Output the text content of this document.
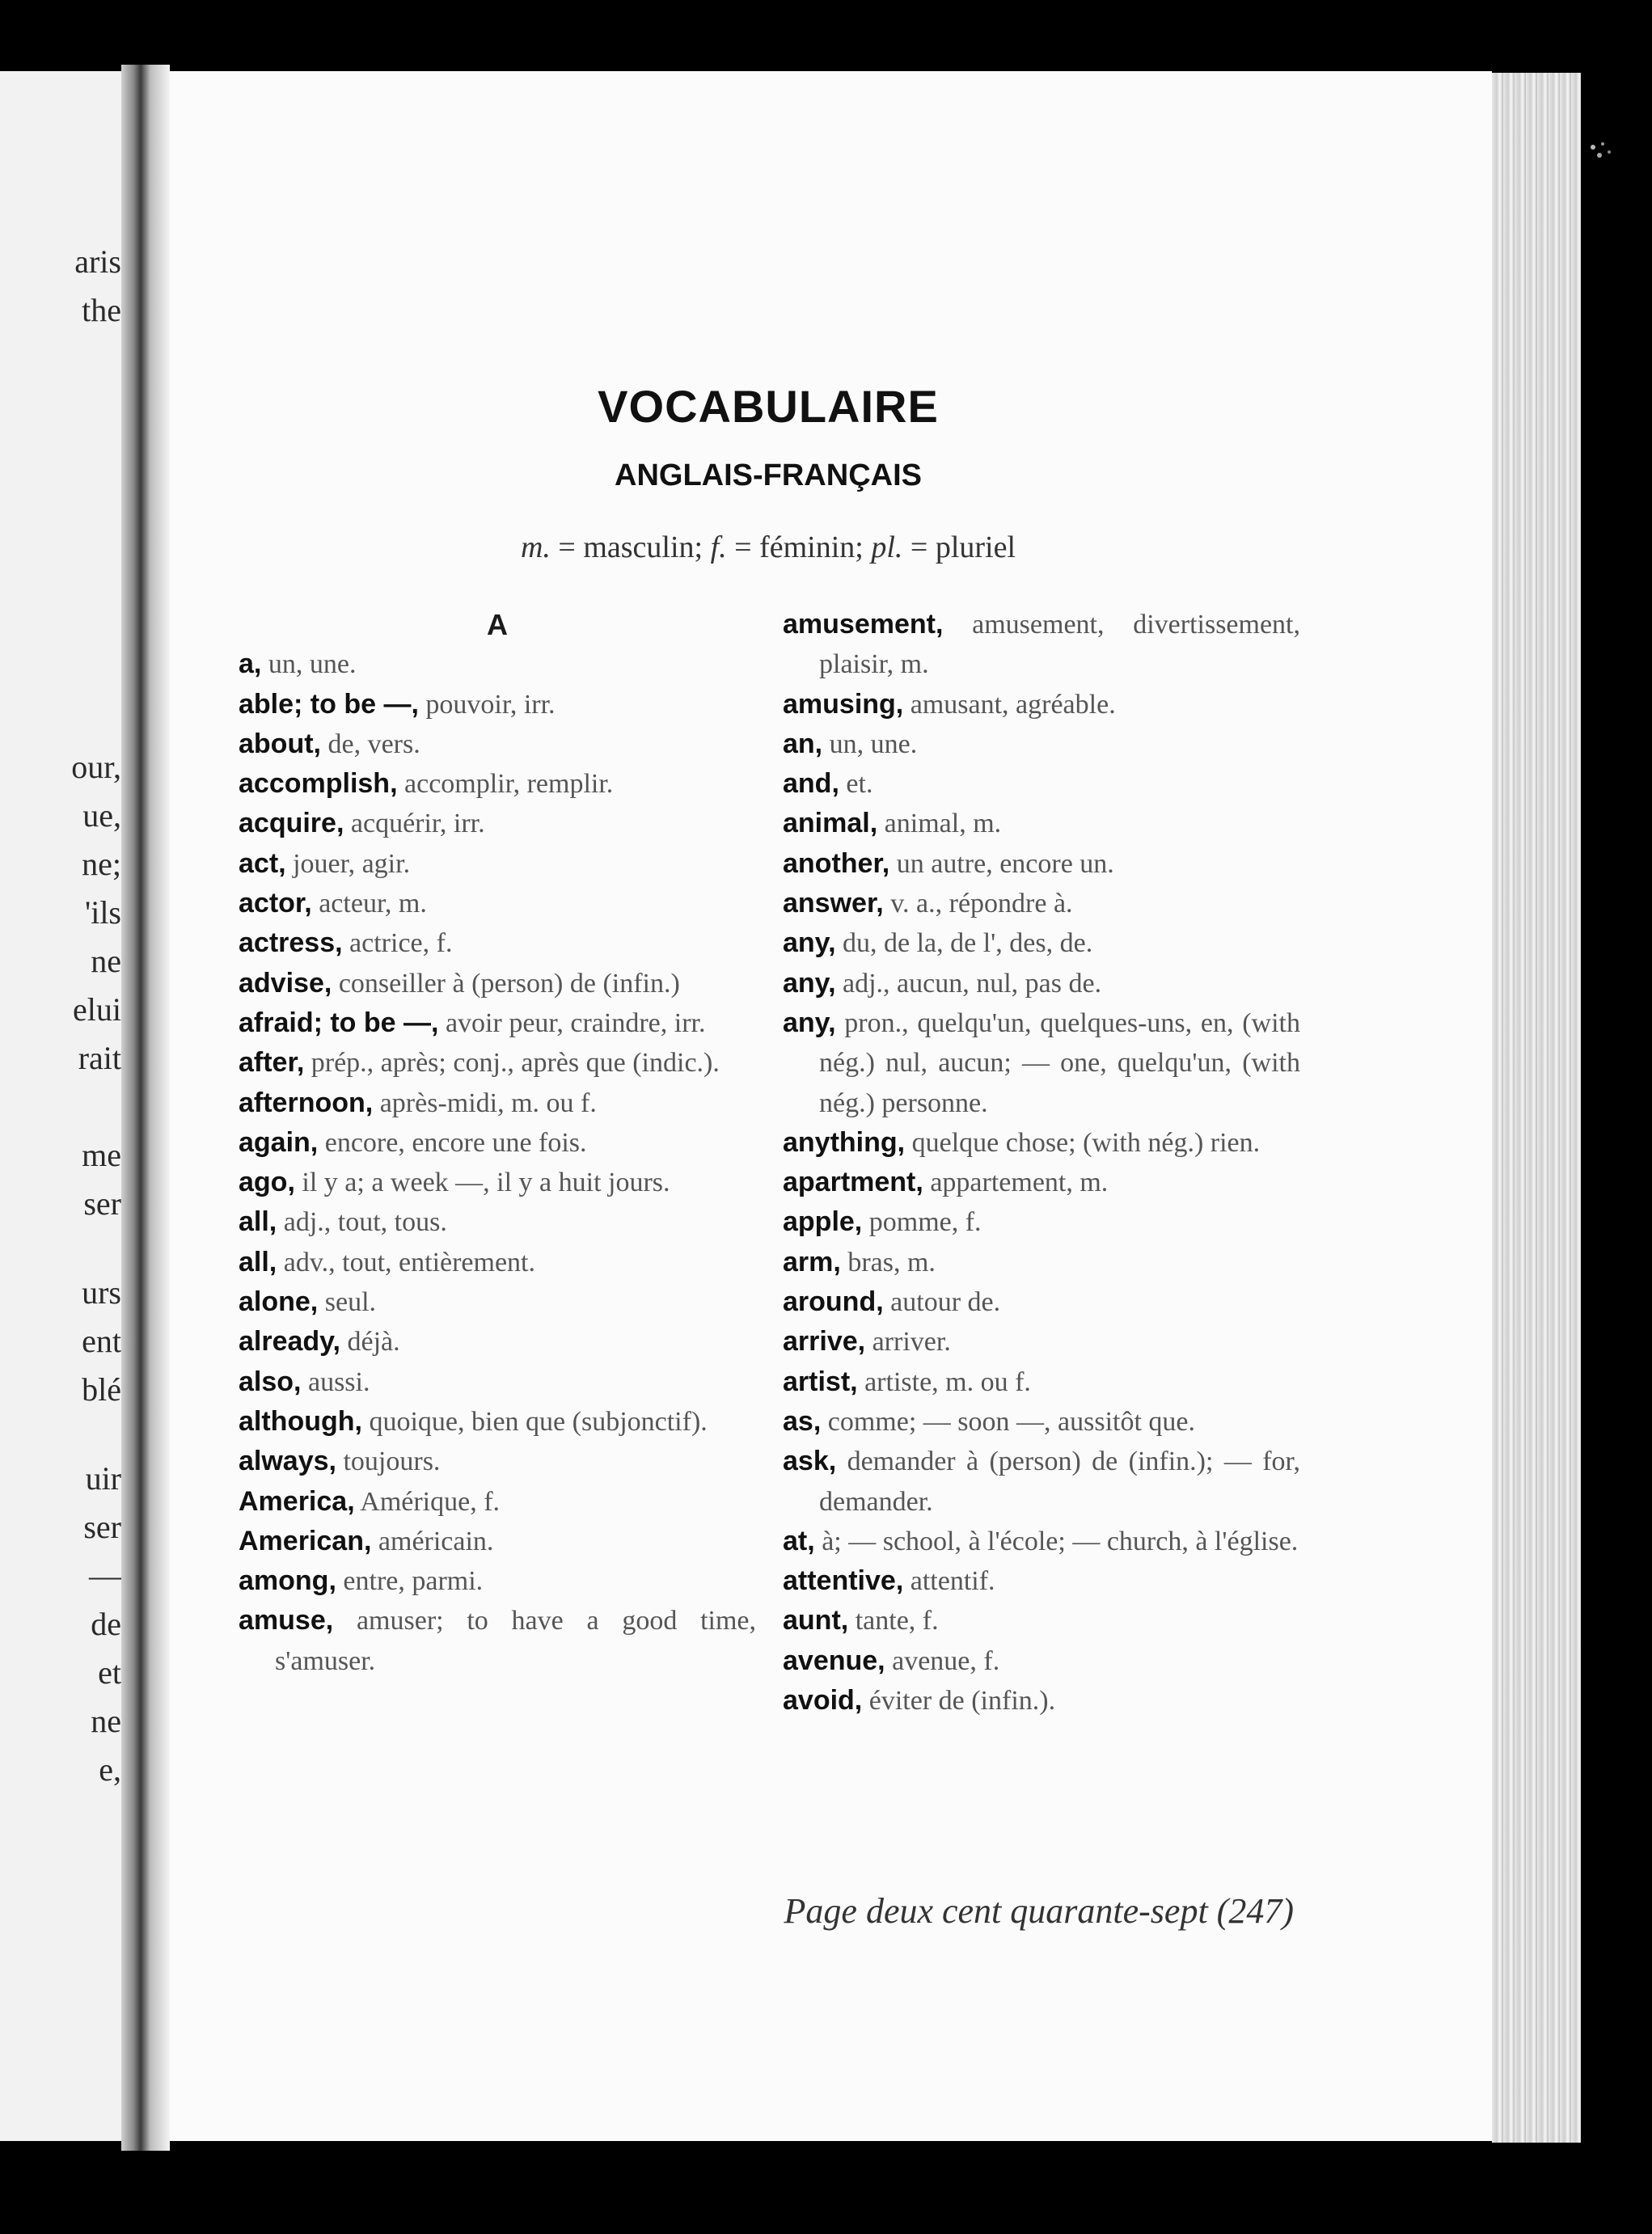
aris
the
our,
ue,
ne;
'ils
ne
elui
rait
me
ser
urs
ent
blé
uir
ser
—
de
et
ne
e,
VOCABULAIRE
ANGLAIS-FRANÇAIS
m. = masculin; f. = féminin; pl. = pluriel
A
a, un, une.
able; to be —, pouvoir, irr.
about, de, vers.
accomplish, accomplir, remplir.
acquire, acquérir, irr.
act, jouer, agir.
actor, acteur, m.
actress, actrice, f.
advise, conseiller à (person) de (infin.)
afraid; to be —, avoir peur, craindre, irr.
after, prép., après; conj., après que (indic.).
afternoon, après-midi, m. ou f.
again, encore, encore une fois.
ago, il y a; a week —, il y a huit jours.
all, adj., tout, tous.
all, adv., tout, entièrement.
alone, seul.
already, déjà.
also, aussi.
although, quoique, bien que (subjonctif).
always, toujours.
America, Amérique, f.
American, américain.
among, entre, parmi.
amuse, amuser; to have a good time, s'amuser.
amusement, amusement, divertissement, plaisir, m.
amusing, amusant, agréable.
an, un, une.
and, et.
animal, animal, m.
another, un autre, encore un.
answer, v. a., répondre à.
any, du, de la, de l', des, de.
any, adj., aucun, nul, pas de.
any, pron., quelqu'un, quelques-uns, en, (with nég.) nul, aucun; — one, quelqu'un, (with nég.) personne.
anything, quelque chose; (with nég.) rien.
apartment, appartement, m.
apple, pomme, f.
arm, bras, m.
around, autour de.
arrive, arriver.
artist, artiste, m. ou f.
as, comme; — soon —, aussitôt que.
ask, demander à (person) de (infin.); — for, demander.
at, à; — school, à l'école; — church, à l'église.
attentive, attentif.
aunt, tante, f.
avenue, avenue, f.
avoid, éviter de (infin.).
Page deux cent quarante-sept (247)
